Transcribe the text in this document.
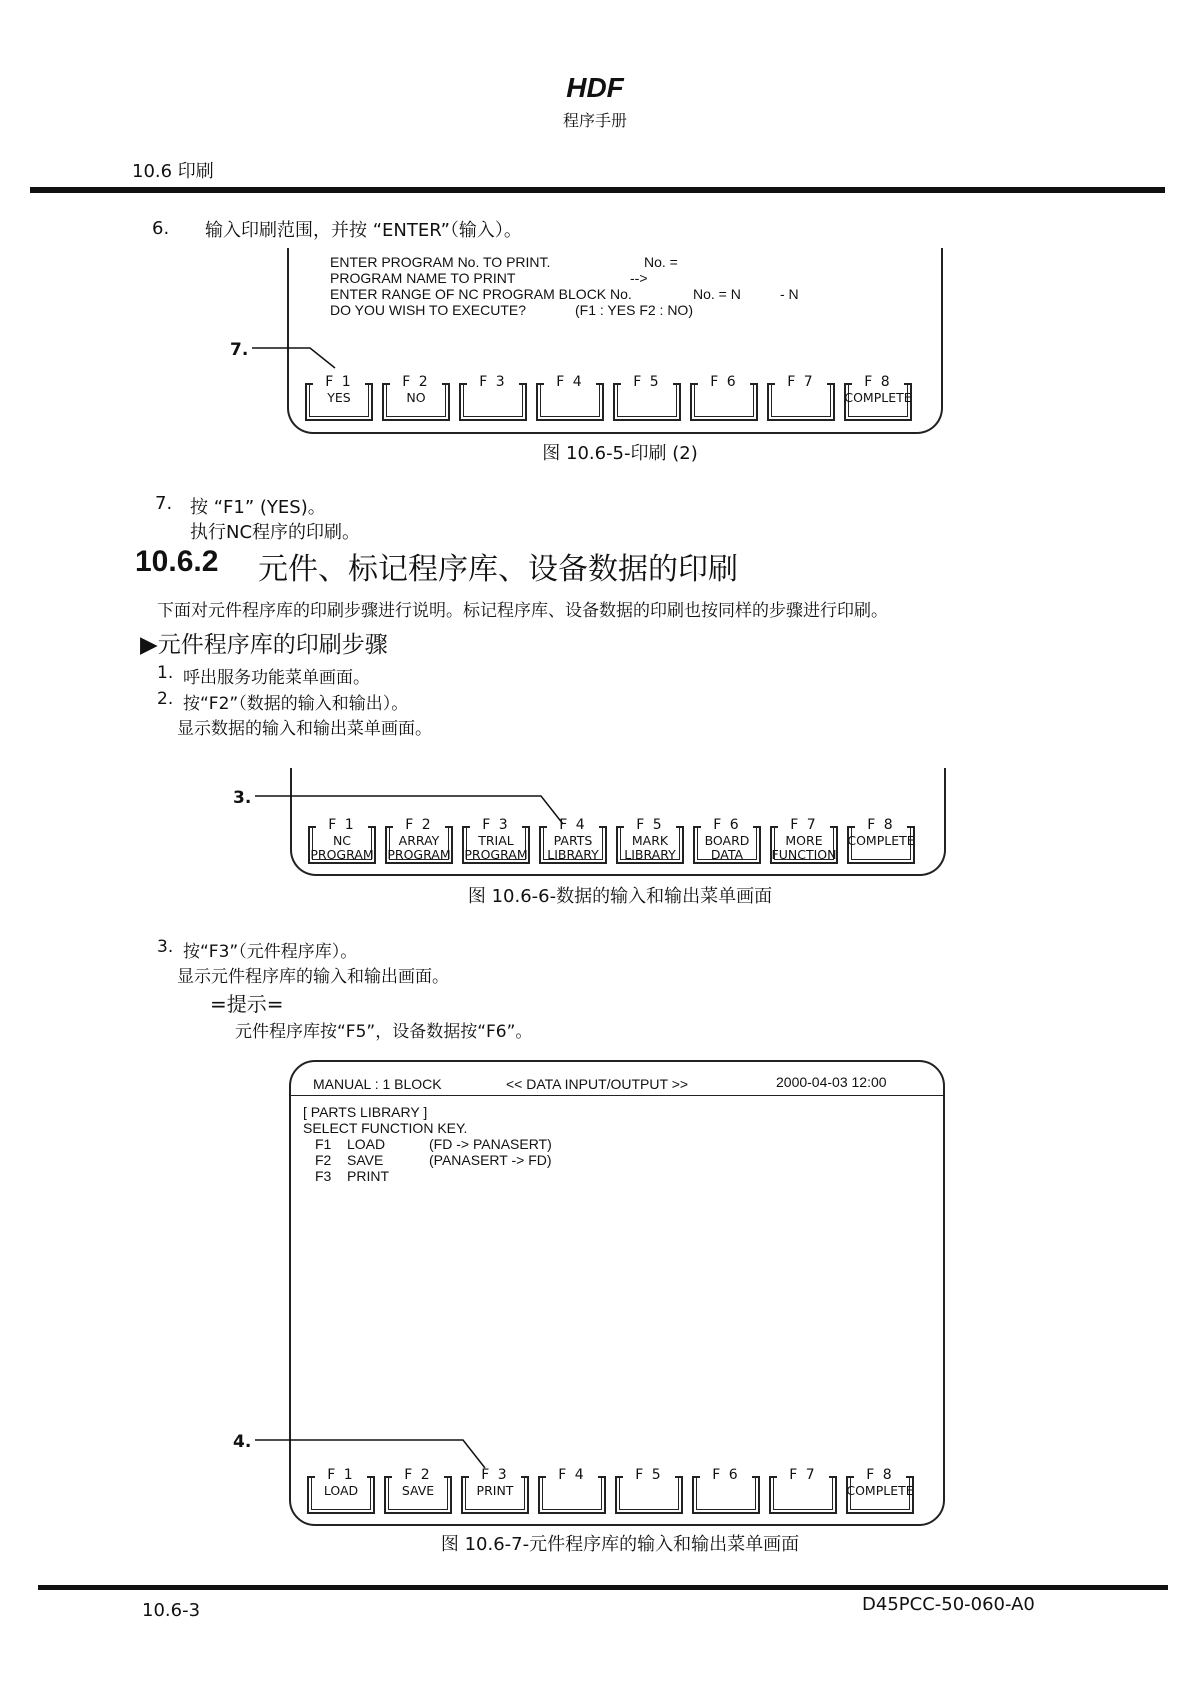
HDF
程序手册
10.6 印刷
6. 输入印刷范围，并按 “ENTER”（输入）。
ENTER PROGRAM No. TO PRINT.	No. =
PROGRAM NAME TO PRINT	-->
ENTER RANGE OF NC PROGRAM BLOCK No.	No. = N	- N
DO YOU WISH TO EXECUTE?	(F1 : YES F2 : NO)
F 1
YES
F 2
NO
F 3	F 4	F 5	F 6	F 7	F 8
COMPLETE
7.
图 10.6-5-印刷 (2)
7. 按 “F1” (YES)。
执行NC程序的印刷。
10.6.2 元件、标记程序库、设备数据的印刷
下面对元件程序库的印刷步骤进行说明。标记程序库、设备数据的印刷也按同样的步骤进行印刷。
▶元件程序库的印刷步骤
1. 呼出服务功能菜单画面。
2. 按“F2”（数据的输入和输出）。
显示数据的输入和输出菜单画面。
F 1
NC
PROGRAM
F 2
ARRAY
PROGRAM
F 3
TRIAL
PROGRAM
F 4
PARTS
LIBRARY
F 5
MARK
LIBRARY
F 6
BOARD
DATA
F 7
MORE
FUNCTION
F 8
COMPLETE
3.
图 10.6-6-数据的输入和输出菜单画面
3. 按“F3”（元件程序库）。
显示元件程序库的输入和输出画面。
=提示=
元件程序库按“F5”，设备数据按“F6”。
MANUAL : 1 BLOCK	<< DATA INPUT/OUTPUT >>	2000-04-03 12:00
[ PARTS LIBRARY ]
SELECT FUNCTION KEY.
F1 LOAD	(FD -> PANASERT)
F2 SAVE	(PANASERT -> FD)
F3 PRINT
F 1
LOAD
F 2
SAVE
F 3
PRINT
F 4	F 5	F 6	F 7	F 8
COMPLETE
4.
图 10.6-7-元件程序库的输入和输出菜单画面
10.6-3	D45PCC-50-060-A0
